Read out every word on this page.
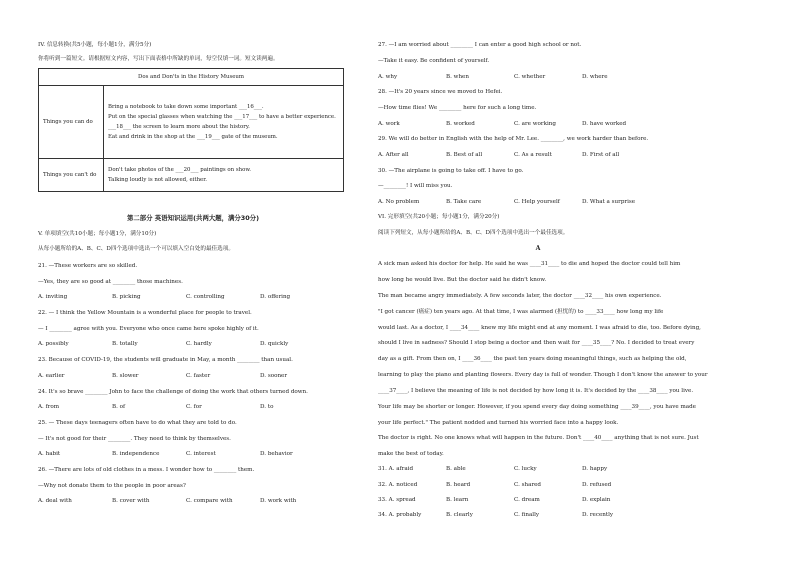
IV. 信息转换(共5小题，每小题1分，满分5分)
你将听到一篇短文。请根据短文内容，写出下面表格中所缺的单词，每空仅填一词。短文读两遍。
Dos and Don'ts in the History Museum	
Things you can do	Bring a notebook to take down some important ___16___.
Put on the special glasses when watching the ___17___ to have a better experience.
___18___ the screen to learn more about the history.
Eat and drink in the shop at the ___19___ gate of the museum.

Things you can't do	Don't take photos of the ___20___ paintings on show.
Talking loudly is not allowed, either.
第二部分 英语知识运用(共两大题，满分30分)
V. 单项填空(共10小题；每小题1分，满分10分)
从每小题所给的A、B、C、D四个选项中选出一个可以填入空白处的最佳选项。
21. —These workers are so skilled.
—Yes, they are so good at ________ those machines.
A. inviting	B. picking	C. controlling	D. offering
22. — I think the Yellow Mountain is a wonderful place for people to travel.
— I ________ agree with you. Everyone who once came here spoke highly of it.
A. possibly	B. totally	C. hardly	D. quickly
23. Because of COVID-19, the students will graduate in May, a month ________ than usual.
A. earlier	B. slower	C. faster	D. sooner
24. It's so brave ________ John to face the challenge of doing the work that others turned down.
A. from	B. of	C. for	D. to
25. — These days teenagers often have to do what they are told to do.
— It's not good for their ________. They need to think by themselves.
A. habit	B. independence	C. interest	D. behavior
26. —There are lots of old clothes in a mess. I wonder how to ________ them.
—Why not donate them to the people in poor areas?
A. deal with	B. cover with	C. compare with	D. work with
27. —I am worried about ________ I can enter a good high school or not.
—Take it easy. Be confident of yourself.
A. why	B. when	C. whether	D. where
28. —It's 20 years since we moved to Hefei.
—How time flies! We ________ here for such a long time.
A. work	B. worked	C. are working	D. have worked
29. We will do better in English with the help of Mr. Lee. ________, we work harder than before.
A. After all	B. Best of all	C. As a result	D. First of all
30. —The airplane is going to take off. I have to go.
—________! I will miss you.
A. No problem	B. Take care	C. Help yourself	D. What a surprise
VI. 完形填空(共20小题；每小题1分，满分20分)
阅读下列短文，从每小题所给的A、B、C、D四个选项中选出一个最佳选项。
A
A sick man asked his doctor for help. He said he was ____31____ to die and hoped the doctor could tell him
how long he would live. But the doctor said he didn't know.
The man became angry immediately. A few seconds later, the doctor ____32____ his own experience.
"I got cancer (癌症) ten years ago. At that time, I was alarmed (担忧的) to ____33____ how long my life
would last. As a doctor, I ____34____ knew my life might end at any moment. I was afraid to die, too. Before dying,
should I live in sadness? Should I stop being a doctor and then wait for ____35____? No. I decided to treat every
day as a gift. From then on, I ____36____ the past ten years doing meaningful things, such as helping the old,
learning to play the piano and planting flowers. Every day is full of wonder. Though I don't know the answer to your
____37____, I believe the meaning of life is not decided by how long it is. It's decided by the ____38____ you live.
Your life may be shorter or longer. However, if you spend every day doing something ____39____, you have made
your life perfect." The patient nodded and turned his worried face into a happy look.
The doctor is right. No one knows what will happen in the future. Don't ____40____ anything that is not sure. Just
make the best of today.
31. A. afraid	B. able	C. lucky	D. happy
32. A. noticed	B. heard	C. shared	D. refused
33. A. spread	B. learn	C. dream	D. explain
34. A. probably	B. clearly	C. finally	D. recently
